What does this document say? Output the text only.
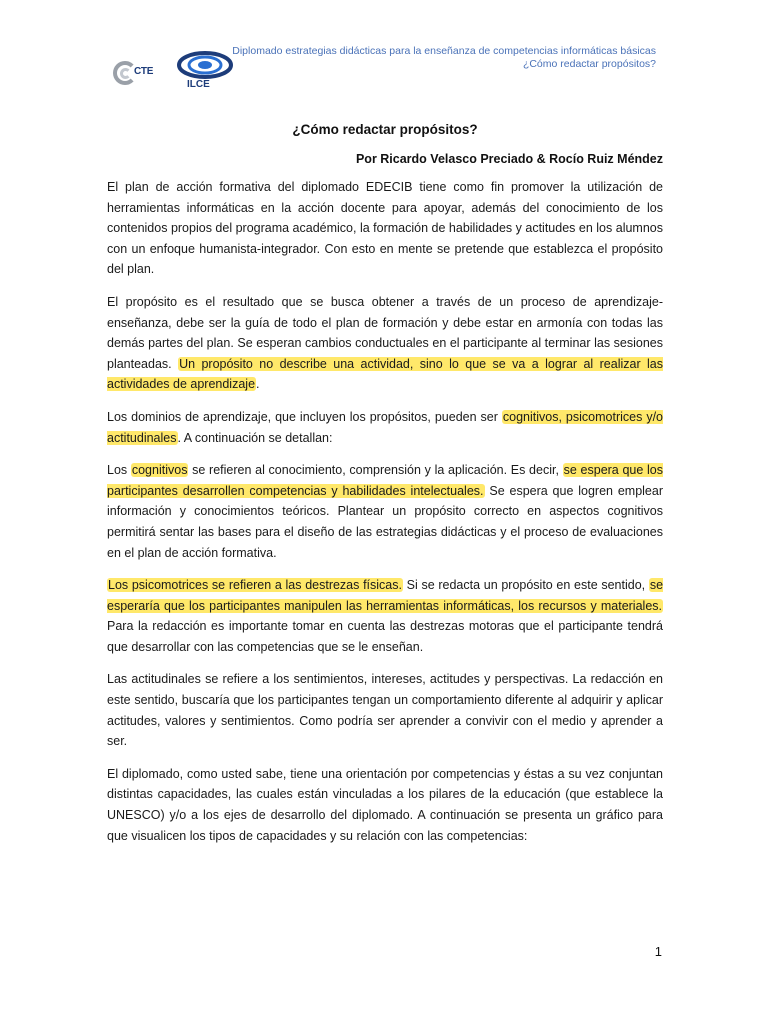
CTE
ILCE
Diplomado estrategias didácticas para la enseñanza de competencias informáticas básicas
¿Cómo redactar propósitos?
¿Cómo redactar propósitos?
Por Ricardo Velasco Preciado & Rocío Ruiz Méndez

El plan de acción formativa del diplomado EDECIB tiene como fin promover la utilización de herramientas informáticas en la acción docente para apoyar, además del conocimiento de los contenidos propios del programa académico, la formación de habilidades y actitudes en los alumnos con un enfoque humanista-integrador. Con esto en mente se pretende que establezca el propósito del plan.

El propósito es el resultado que se busca obtener a través de un proceso de aprendizaje-enseñanza, debe ser la guía de todo el plan de formación y debe estar en armonía con todas las demás partes del plan. Se esperan cambios conductuales en el participante al terminar las sesiones planteadas. Un propósito no describe una actividad, sino lo que se va a lograr al realizar las actividades de aprendizaje.

Los dominios de aprendizaje, que incluyen los propósitos, pueden ser cognitivos, psicomotrices y/o actitudinales. A continuación se detallan:

Los cognitivos se refieren al conocimiento, comprensión y la aplicación. Es decir, se espera que los participantes desarrollen competencias y habilidades intelectuales. Se espera que logren emplear información y conocimientos teóricos. Plantear un propósito correcto en aspectos cognitivos permitirá sentar las bases para el diseño de las estrategias didácticas y el proceso de evaluaciones en el plan de acción formativa.

Los psicomotrices se refieren a las destrezas físicas. Si se redacta un propósito en este sentido, se esperaría que los participantes manipulen las herramientas informáticas, los recursos y materiales. Para la redacción es importante tomar en cuenta las destrezas motoras que el participante tendrá que desarrollar con las competencias que se le enseñan.

Las actitudinales se refiere a los sentimientos, intereses, actitudes y perspectivas. La redacción en este sentido, buscaría que los participantes tengan un comportamiento diferente al adquirir y aplicar actitudes, valores y sentimientos. Como podría ser aprender a convivir con el medio y aprender a ser.

El diplomado, como usted sabe, tiene una orientación por competencias y éstas a su vez conjuntan distintas capacidades, las cuales están vinculadas a los pilares de la educación (que establece la UNESCO) y/o a los ejes de desarrollo del diplomado. A continuación se presenta un gráfico para que visualicen los tipos de capacidades y su relación con las competencias:

1
